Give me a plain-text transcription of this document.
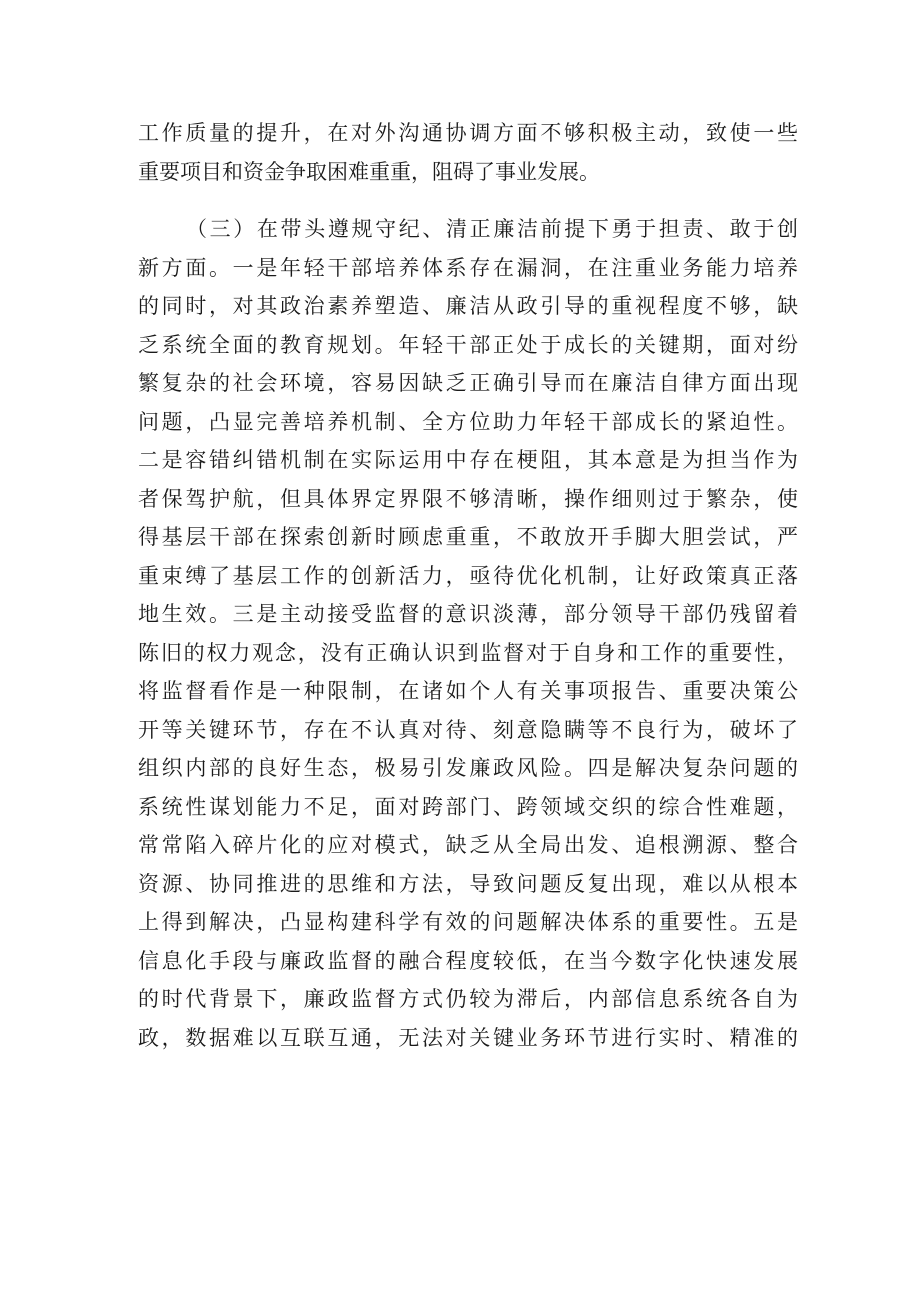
工作质量的提升，在对外沟通协调方面不够积极主动，致使一些
重要项目和资金争取困难重重，阻碍了事业发展。
（三）在带头遵规守纪、清正廉洁前提下勇于担责、敢于创
新方面。一是年轻干部培养体系存在漏洞，在注重业务能力培养
的同时，对其政治素养塑造、廉洁从政引导的重视程度不够，缺
乏系统全面的教育规划。年轻干部正处于成长的关键期，面对纷
繁复杂的社会环境，容易因缺乏正确引导而在廉洁自律方面出现
问题，凸显完善培养机制、全方位助力年轻干部成长的紧迫性。
二是容错纠错机制在实际运用中存在梗阻，其本意是为担当作为
者保驾护航，但具体界定界限不够清晰，操作细则过于繁杂，使
得基层干部在探索创新时顾虑重重，不敢放开手脚大胆尝试，严
重束缚了基层工作的创新活力，亟待优化机制，让好政策真正落
地生效。三是主动接受监督的意识淡薄，部分领导干部仍残留着
陈旧的权力观念，没有正确认识到监督对于自身和工作的重要性，
将监督看作是一种限制，在诸如个人有关事项报告、重要决策公
开等关键环节，存在不认真对待、刻意隐瞒等不良行为，破坏了
组织内部的良好生态，极易引发廉政风险。四是解决复杂问题的
系统性谋划能力不足，面对跨部门、跨领域交织的综合性难题，
常常陷入碎片化的应对模式，缺乏从全局出发、追根溯源、整合
资源、协同推进的思维和方法，导致问题反复出现，难以从根本
上得到解决，凸显构建科学有效的问题解决体系的重要性。五是
信息化手段与廉政监督的融合程度较低，在当今数字化快速发展
的时代背景下，廉政监督方式仍较为滞后，内部信息系统各自为
政，数据难以互联互通，无法对关键业务环节进行实时、精准的
